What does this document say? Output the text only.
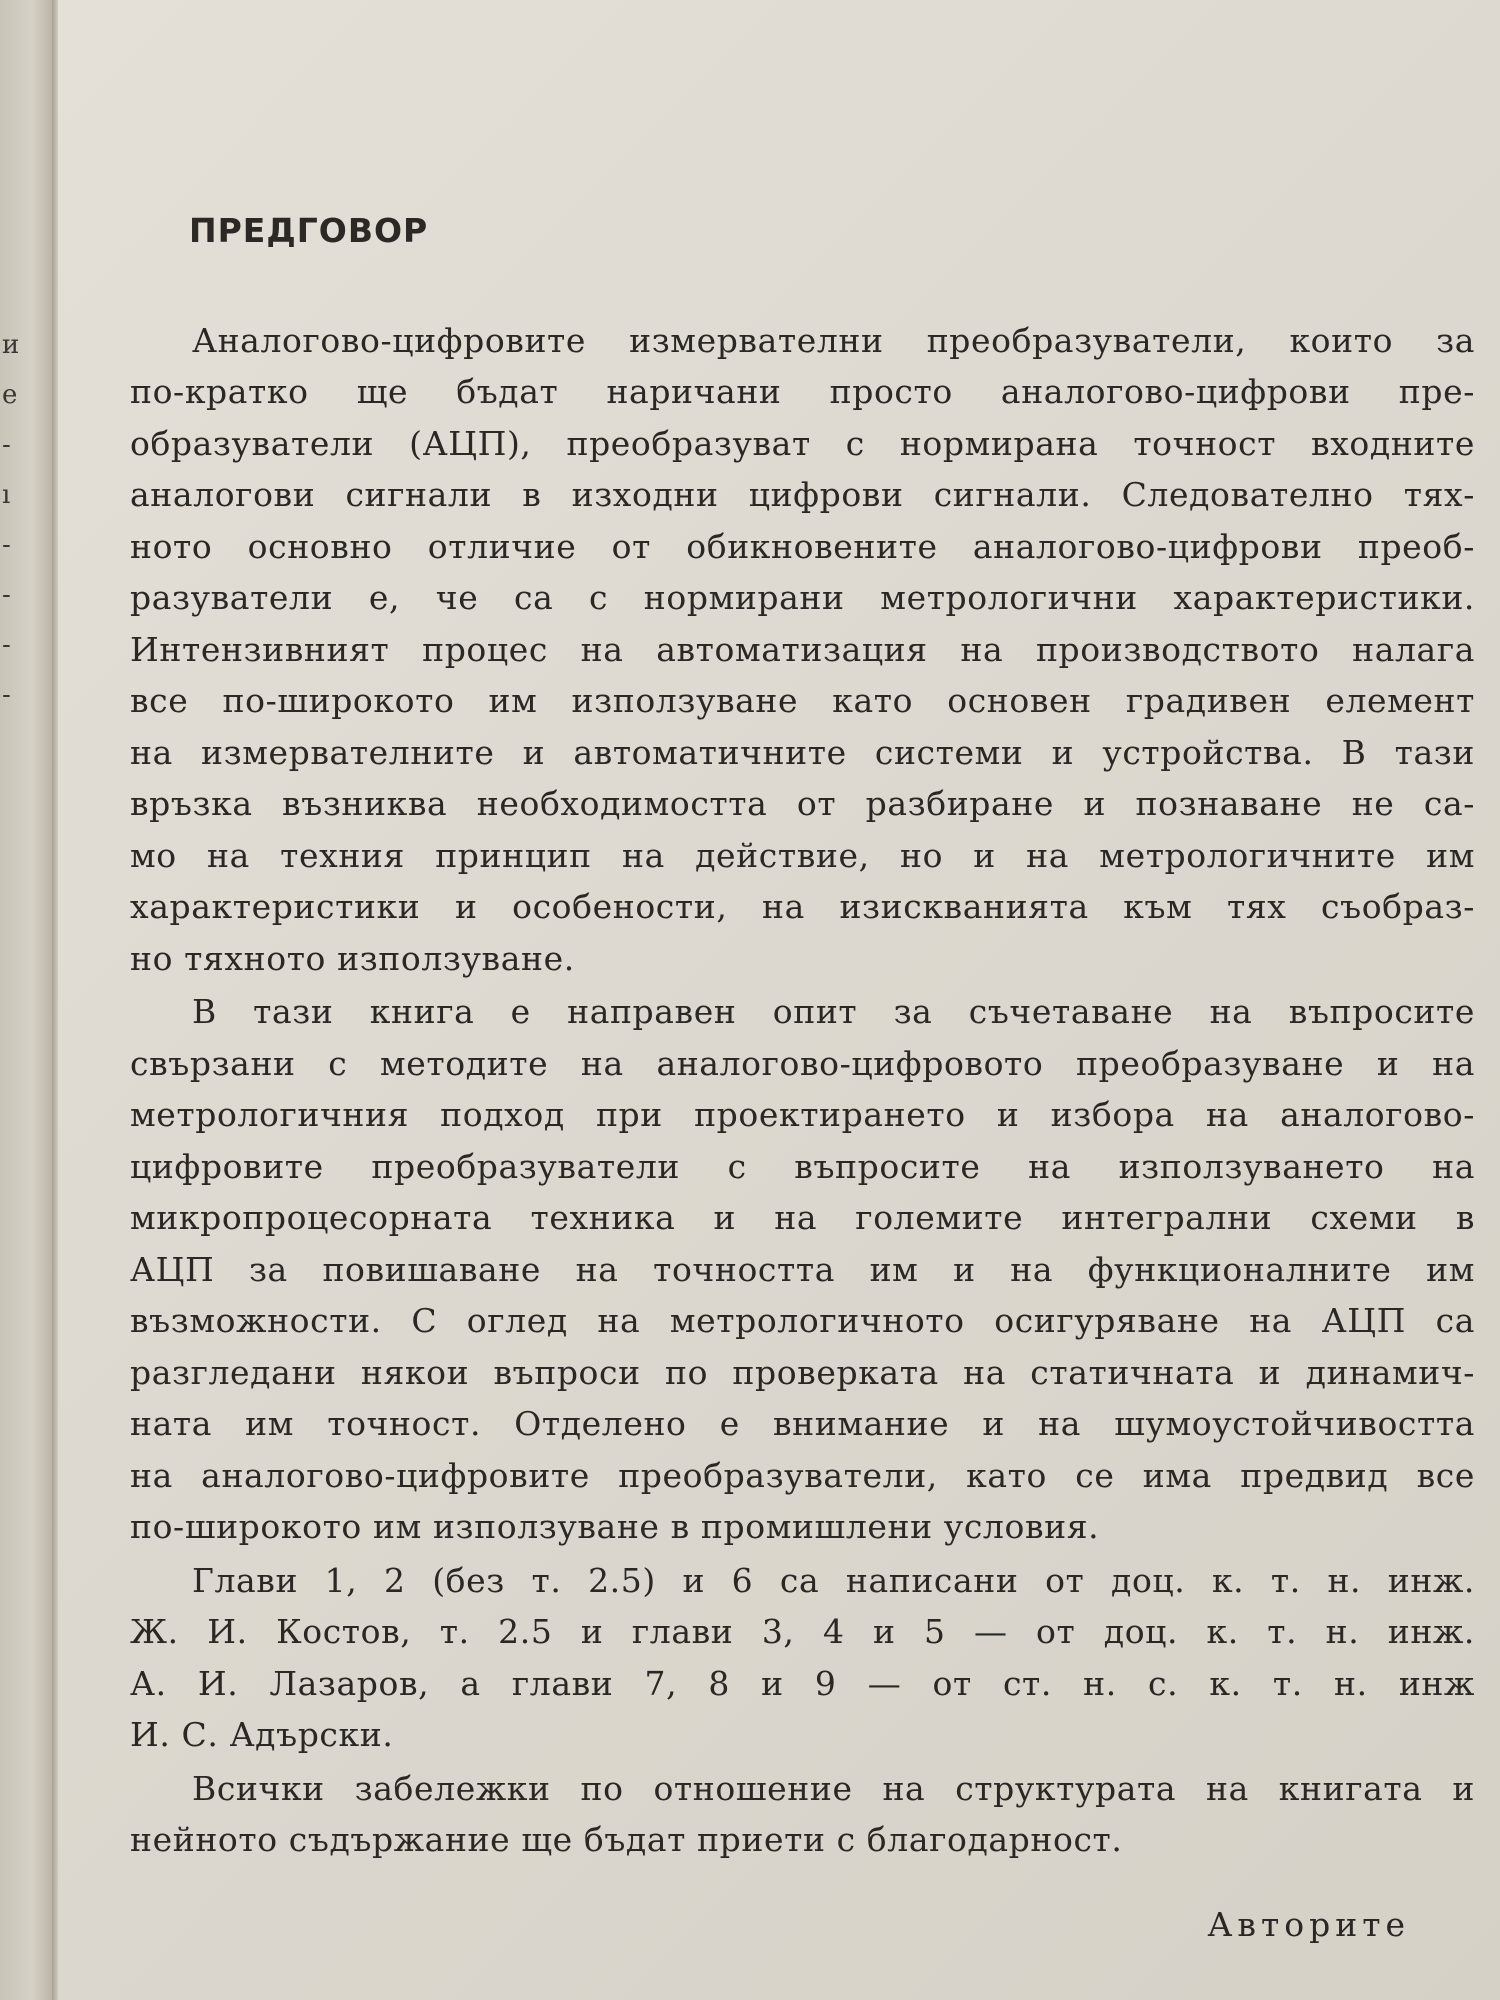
и
е
-
ı
-
-
-
-
ПРЕДГОВОР
Аналогово-цифровите измервателни преобразуватели, които за
по-кратко ще бъдат наричани просто аналогово-цифрови пре-
образуватели (АЦП), преобразуват с нормирана точност входните
аналогови сигнали в изходни цифрови сигнали. Следователно тях-
ното основно отличие от обикновените аналогово-цифрови преоб-
разуватели е, че са с нормирани метрологични характеристики.
Интензивният процес на автоматизация на производството налага
все по-широкото им използуване като основен градивен елемент
на измервателните и автоматичните системи и устройства. В тази
връзка възниква необходимостта от разбиране и познаване не са-
мо на техния принцип на действие, но и на метрологичните им
характеристики и особености, на изискванията към тях съобраз-
но тяхното използуване.
В тази книга е направен опит за съчетаване на въпросите
свързани с методите на аналогово-цифровото преобразуване и на
метрологичния подход при проектирането и избора на аналогово-
цифровите преобразуватели с въпросите на използуването на
микропроцесорната техника и на големите интегрални схеми в
АЦП за повишаване на точността им и на функционалните им
възможности. С оглед на метрологичното осигуряване на АЦП са
разгледани някои въпроси по проверката на статичната и динамич-
ната им точност. Отделено е внимание и на шумоустойчивостта
на аналогово-цифровите преобразуватели, като се има предвид все
по-широкото им използуване в промишлени условия.
Глави 1, 2 (без т. 2.5) и 6 са написани от доц. к. т. н. инж.
Ж. И. Костов, т. 2.5 и глави 3, 4 и 5 — от доц. к. т. н. инж.
А. И. Лазаров, а глави 7, 8 и 9 — от ст. н. с. к. т. н. инж
И. С. Адърски.
Всички забележки по отношение на структурата на книгата и
нейното съдържание ще бъдат приети с благодарност.
Авторите
